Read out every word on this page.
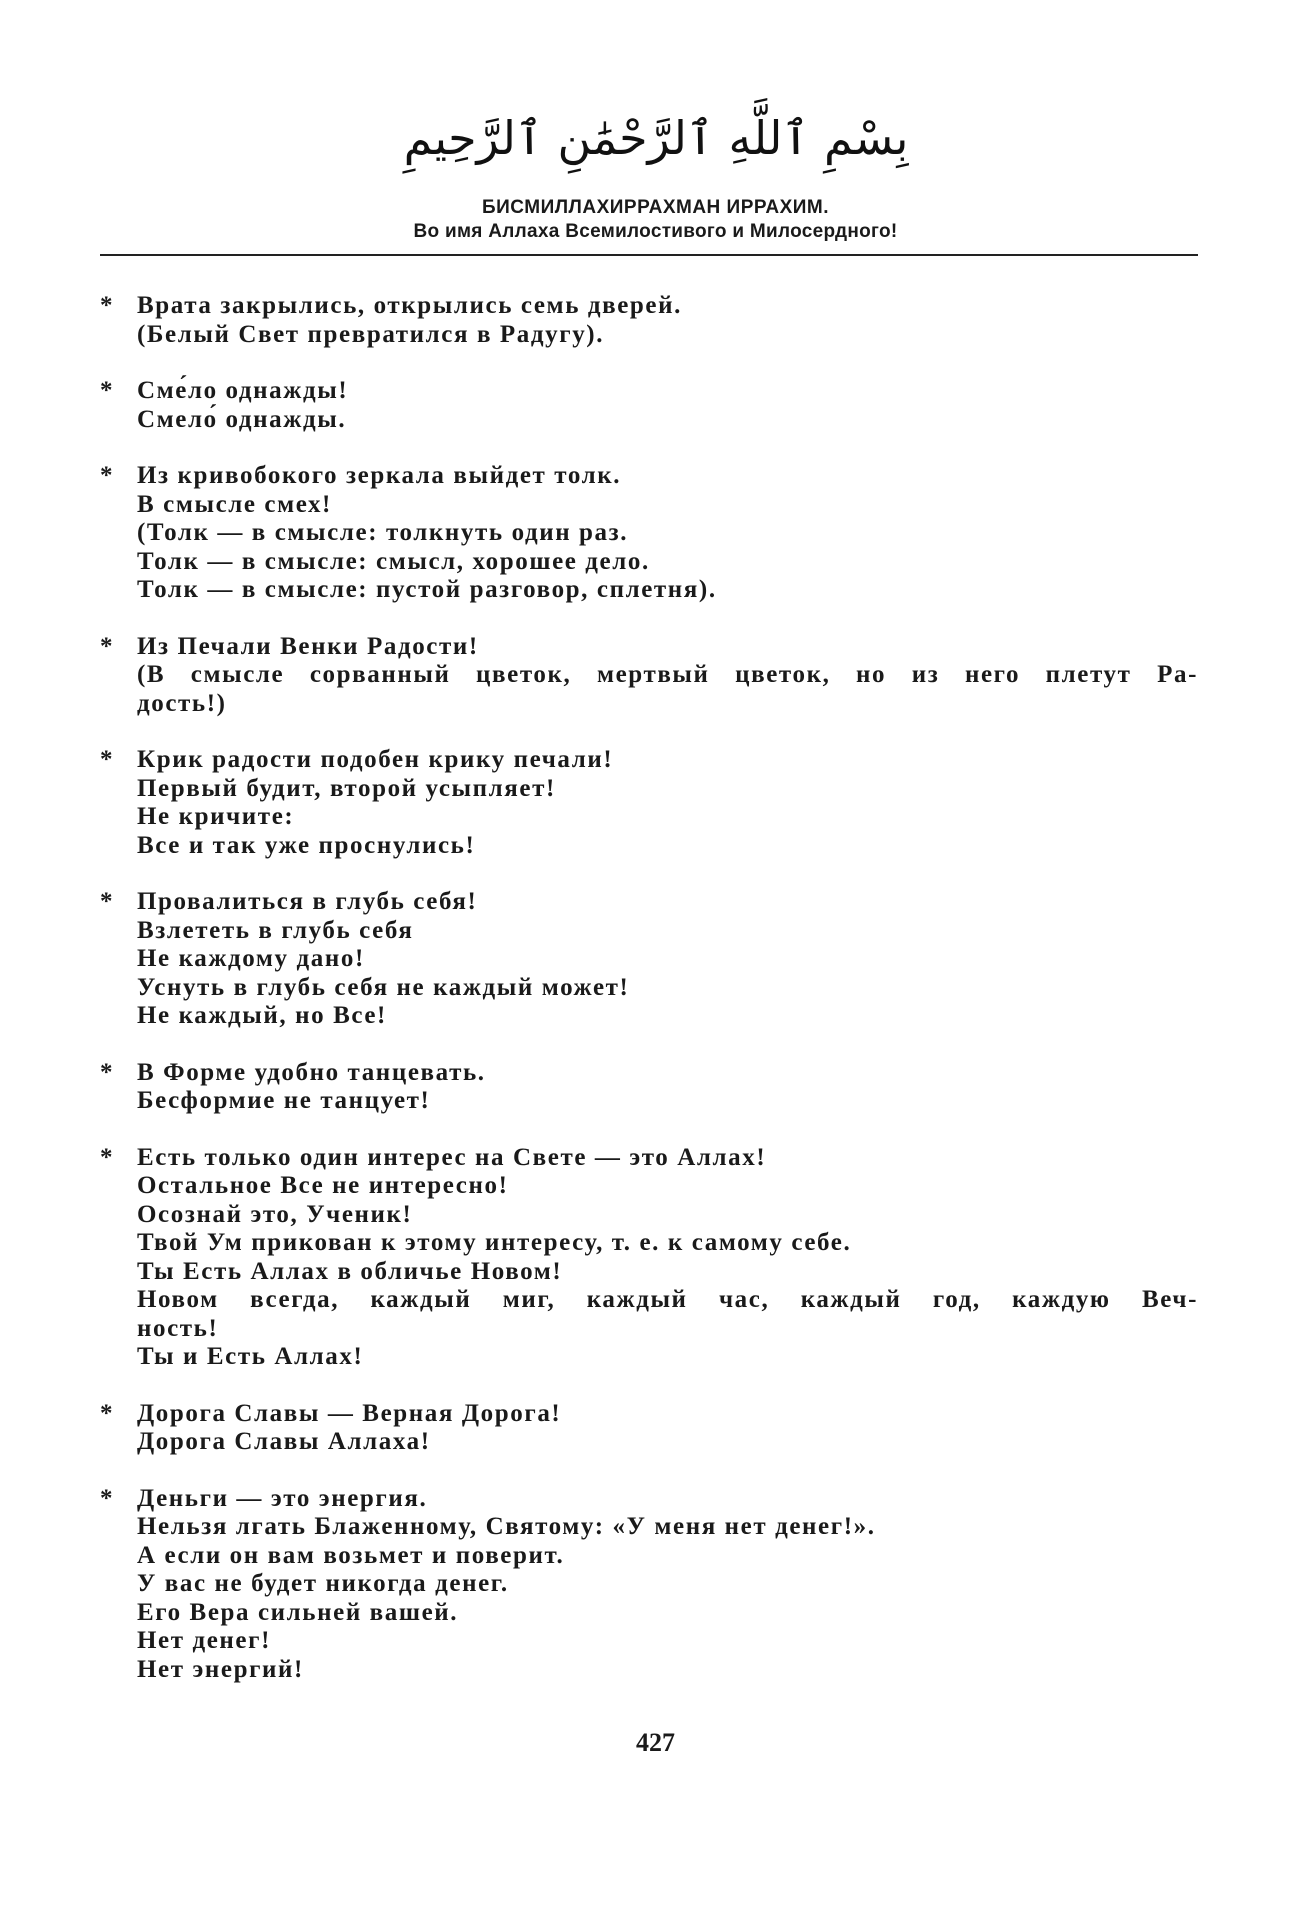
بِسْمِ ٱللَّهِ ٱلرَّحْمَٰنِ ٱلرَّحِيمِ
БИСМИЛЛАХИРРАХМАН ИРРАХИМ.
Во имя Аллаха Всемилостивого и Милосердного!
* Врата закрылись, открылись семь дверей.
(Белый Свет превратился в Радугу).
* Сме́ло однажды!
Смело́ однажды.
* Из кривобокого зеркала выйдет толк.
В смысле смех!
(Толк — в смысле: толкнуть один раз.
Толк — в смысле: смысл, хорошее дело.
Толк — в смысле: пустой разговор, сплетня).
* Из Печали Венки Радости!
(В смысле сорванный цветок, мертвый цветок, но из него плетут Ра-
дость!)
* Крик радости подобен крику печали!
Первый будит, второй усыпляет!
Не кричите:
Все и так уже проснулись!
* Провалиться в глубь себя!
Взлететь в глубь себя
Не каждому дано!
Уснуть в глубь себя не каждый может!
Не каждый, но Все!
* В Форме удобно танцевать.
Бесформие не танцует!
* Есть только один интерес на Свете — это Аллах!
Остальное Все не интересно!
Осознай это, Ученик!
Твой Ум прикован к этому интересу, т. е. к самому себе.
Ты Есть Аллах в обличье Новом!
Новом всегда, каждый миг, каждый час, каждый год, каждую Веч-
ность!
Ты и Есть Аллах!
* Дорога Славы — Верная Дорога!
Дорога Славы Аллаха!
* Деньги — это энергия.
Нельзя лгать Блаженному, Святому: «У меня нет денег!».
А если он вам возьмет и поверит.
У вас не будет никогда денег.
Его Вера сильней вашей.
Нет денег!
Нет энергий!
427
